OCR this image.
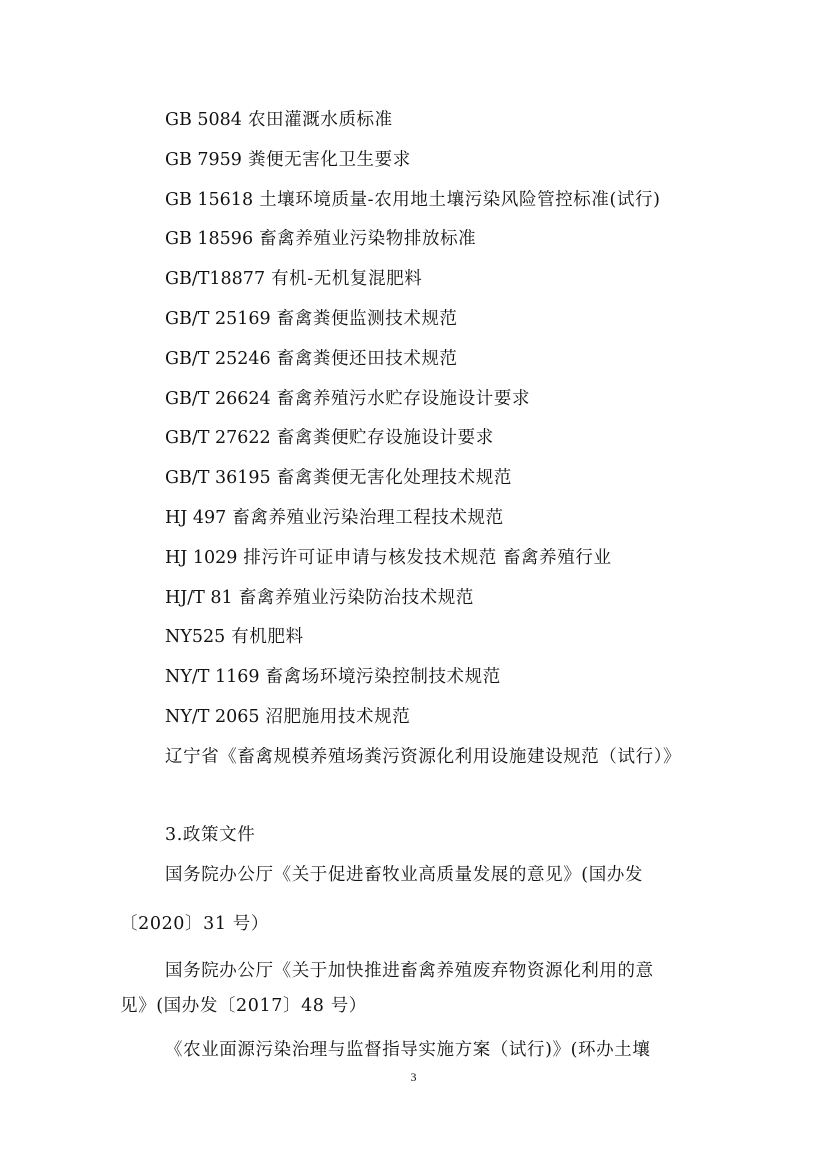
GB 5084 农田灌溉水质标准
GB 7959 粪便无害化卫生要求
GB 15618 土壤环境质量-农用地土壤污染风险管控标准(试行)
GB 18596 畜禽养殖业污染物排放标准
GB/T18877 有机-无机复混肥料
GB/T 25169 畜禽粪便监测技术规范
GB/T 25246 畜禽粪便还田技术规范
GB/T 26624 畜禽养殖污水贮存设施设计要求
GB/T 27622 畜禽粪便贮存设施设计要求
GB/T 36195 畜禽粪便无害化处理技术规范
HJ 497 畜禽养殖业污染治理工程技术规范
HJ 1029 排污许可证申请与核发技术规范 畜禽养殖行业
HJ/T 81 畜禽养殖业污染防治技术规范
NY525 有机肥料
NY/T 1169 畜禽场环境污染控制技术规范
NY/T 2065 沼肥施用技术规范
辽宁省《畜禽规模养殖场粪污资源化利用设施建设规范（试行）》
3.政策文件
国务院办公厅《关于促进畜牧业高质量发展的意见》(国办发
〔2020〕31 号）
国务院办公厅《关于加快推进畜禽养殖废弃物资源化利用的意
见》(国办发〔2017〕48 号）
《农业面源污染治理与监督指导实施方案（试行)》(环办土壤
3
